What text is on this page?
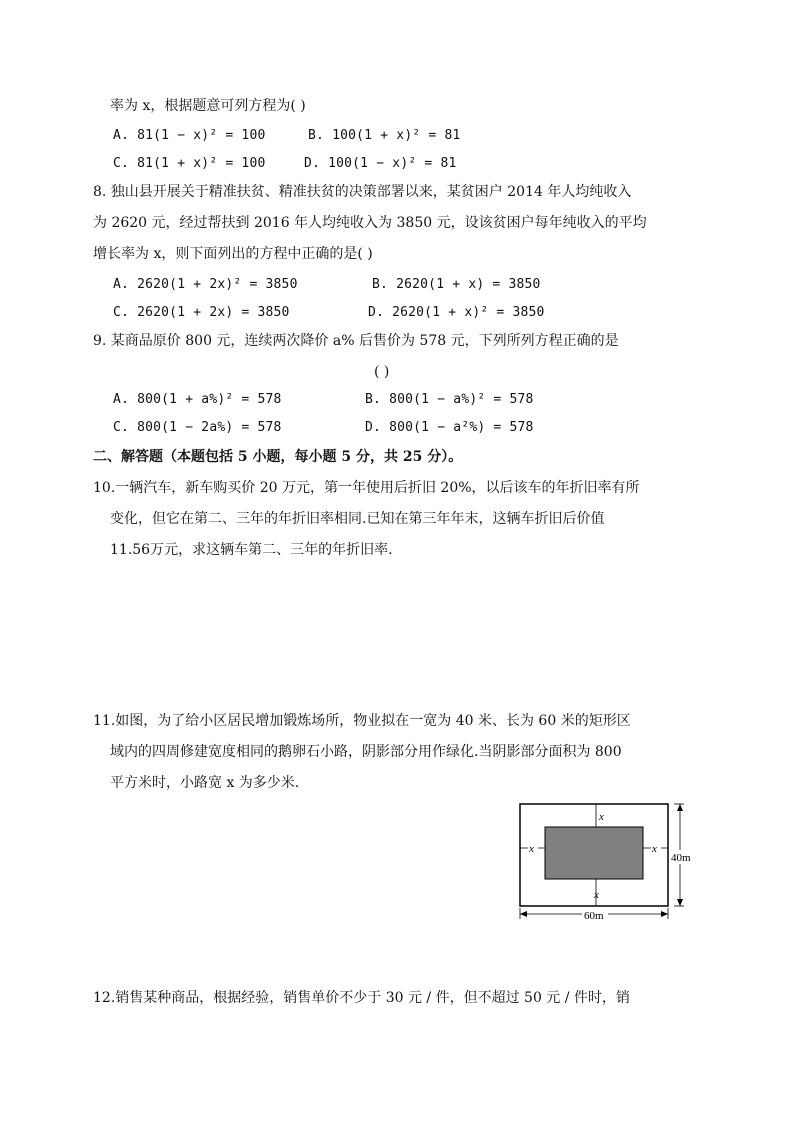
率为 x，根据题意可列方程为( )
A. 81(1 − x)² = 100	B. 100(1 + x)² = 81
C. 81(1 + x)² = 100	D. 100(1 − x)² = 81
8. 独山县开展关于精准扶贫、精准扶贫的决策部署以来，某贫困户 2014 年人均纯收入
为 2620 元，经过帮扶到 2016 年人均纯收入为 3850 元，设该贫困户每年纯收入的平均
增长率为 x，则下面列出的方程中正确的是( )
A. 2620(1 + 2x)² = 3850	B. 2620(1 + x) = 3850
C. 2620(1 + 2x) = 3850	D. 2620(1 + x)² = 3850
9. 某商品原价 800 元，连续两次降价 a% 后售价为 578 元，下列所列方程正确的是
( )
A. 800(1 + a%)² = 578	B. 800(1 − a%)² = 578
C. 800(1 − 2a%) = 578	D. 800(1 − a²%) = 578
二、解答题（本题包括 5 小题，每小题 5 分，共 25 分）。
10.一辆汽车，新车购买价 20 万元，第一年使用后折旧 20%，以后该车的年折旧率有所
变化，但它在第二、三年的年折旧率相同.已知在第三年年末，这辆车折旧后价值
11.56万元，求这辆车第二、三年的年折旧率.
11.如图，为了给小区居民增加锻炼场所，物业拟在一宽为 40 米、长为 60 米的矩形区
域内的四周修建宽度相同的鹅卵石小路，阴影部分用作绿化.当阴影部分面积为 800
平方米时，小路宽 x 为多少米.
x
x
x	x
40m
60m
12.销售某种商品，根据经验，销售单价不少于 30 元 / 件，但不超过 50 元 / 件时，销
